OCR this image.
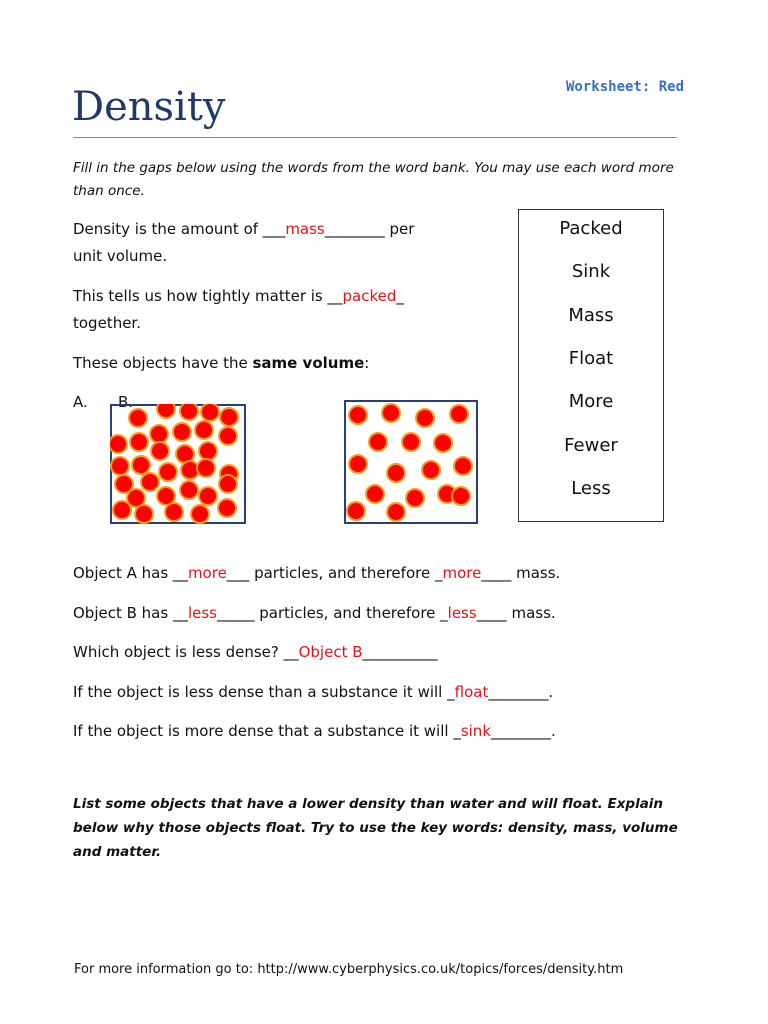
Worksheet: Red
Density
Fill in the gaps below using the words from the word bank. You may use each word more than once.
Density is the amount of ___mass________ per
unit volume.
This tells us how tightly matter is __packed_
together.
These objects have the same volume:
A. B.
Packed
Sink
Mass
Float
More
Fewer
Less
Object A has __more___ particles, and therefore _more____ mass.
Object B has __less_____ particles, and therefore _less____ mass.
Which object is less dense? __Object B__________
If the object is less dense than a substance it will _float________.
If the object is more dense that a substance it will _sink________.
List some objects that have a lower density than water and will float. Explain below why those objects float. Try to use the key words: density, mass, volume and matter.
For more information go to: http://www.cyberphysics.co.uk/topics/forces/density.htm
